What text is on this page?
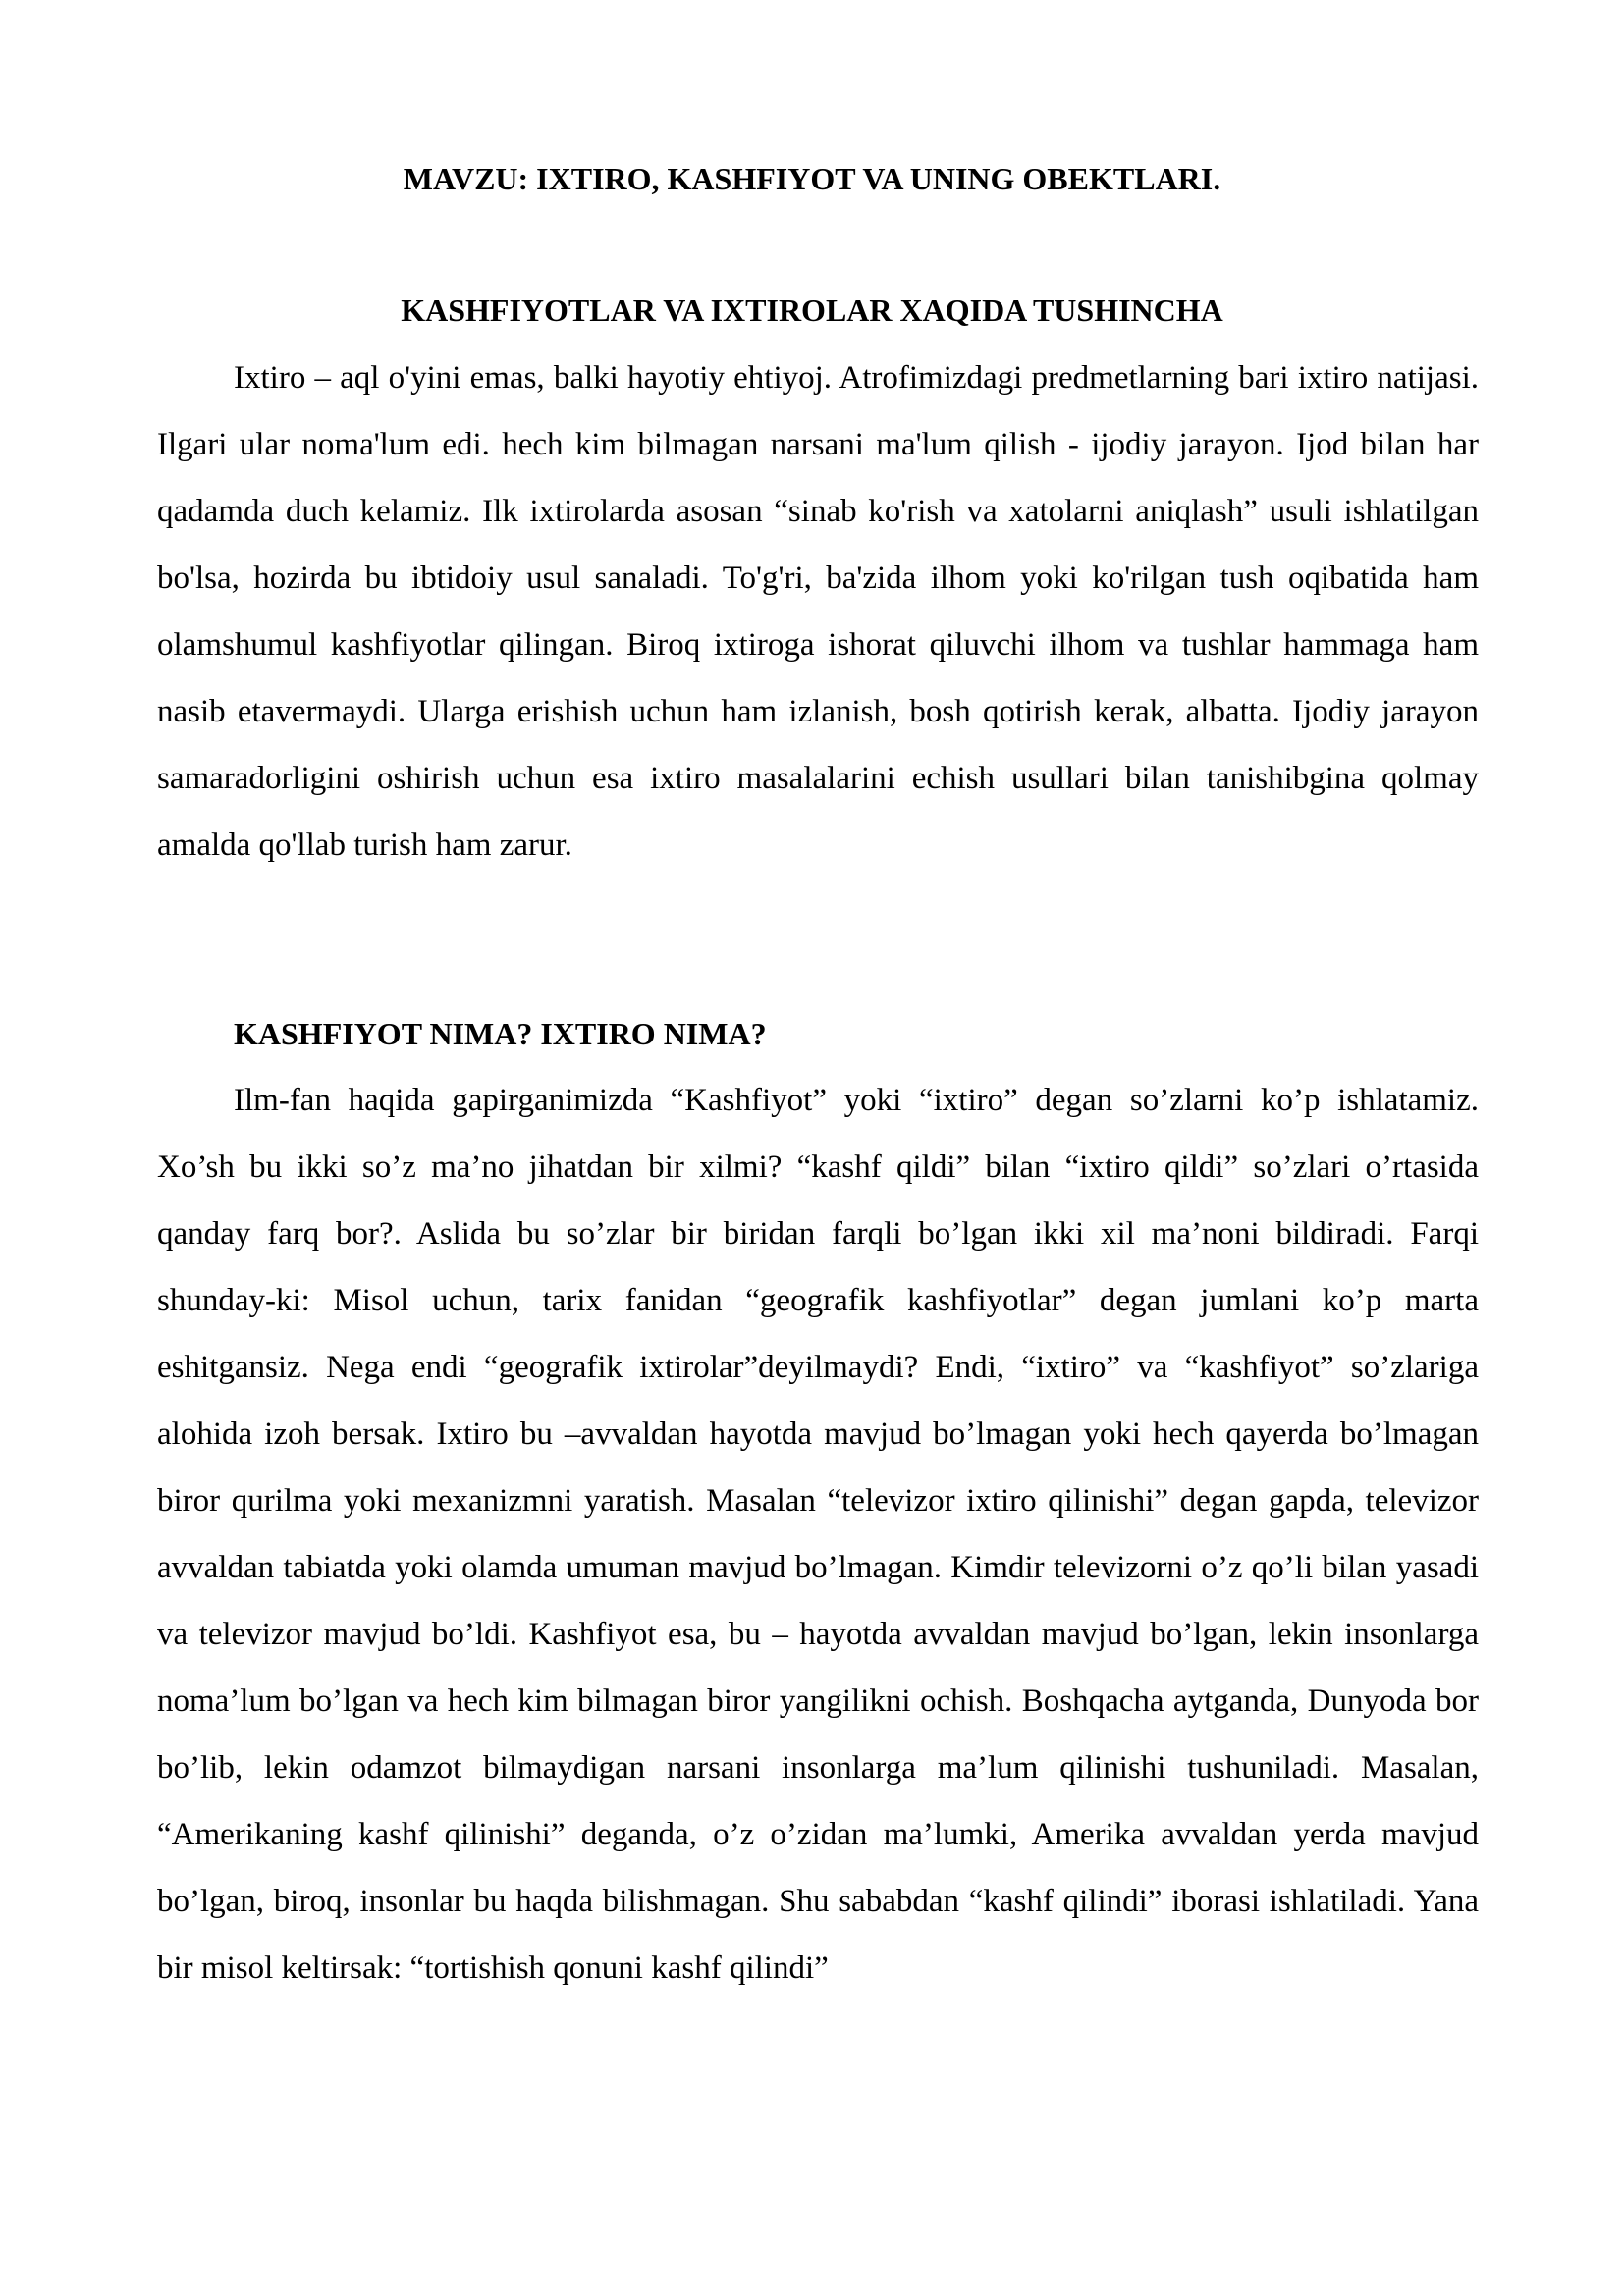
MAVZU: IXTIRO, KASHFIYOT VA UNING OBEKTLARI.
KASHFIYOTLAR VA IXTIROLAR XAQIDA TUSHINCHA

Ixtiro – aql o'yini emas, balki hayotiy ehtiyoj. Atrofimizdagi predmetlarning bari ixtiro natijasi. Ilgari ular noma'lum edi. hech kim bilmagan narsani ma'lum qilish - ijodiy jarayon. Ijod bilan har qadamda duch kelamiz. Ilk ixtirolarda asosan “sinab ko'rish va xatolarni aniqlash” usuli ishlatilgan bo'lsa, hozirda bu ibtidoiy usul sanaladi. To'g'ri, ba'zida ilhom yoki ko'rilgan tush oqibatida ham olamshumul kashfiyotlar qilingan. Biroq ixtiroga ishorat qiluvchi ilhom va tushlar hammaga ham nasib etavermaydi. Ularga erishish uchun ham izlanish, bosh qotirish kerak, albatta. Ijodiy jarayon samaradorligini oshirish uchun esa ixtiro masalalarini echish usullari bilan tanishibgina qolmay amalda qo'llab turish ham zarur.

KASHFIYOT NIMA? IXTIRO NIMA?

Ilm-fan haqida gapirganimizda “Kashfiyot” yoki “ixtiro” degan so’zlarni ko’p ishlatamiz. Xo’sh bu ikki so’z ma’no jihatdan bir xilmi? “kashf qildi” bilan “ixtiro qildi” so’zlari o’rtasida qanday farq bor?. Aslida bu so’zlar bir biridan farqli bo’lgan ikki xil ma’noni bildiradi. Farqi shunday-ki: Misol uchun, tarix fanidan “geografik kashfiyotlar” degan jumlani ko’p marta eshitgansiz. Nega endi “geografik ixtirolar”deyilmaydi? Endi, “ixtiro” va “kashfiyot” so’zlariga alohida izoh bersak. Ixtiro bu –avvaldan hayotda mavjud bo’lmagan yoki hech qayerda bo’lmagan biror qurilma yoki mexanizmni yaratish. Masalan “televizor ixtiro qilinishi” degan gapda, televizor avvaldan tabiatda yoki olamda umuman mavjud bo’lmagan. Kimdir televizorni o’z qo’li bilan yasadi va televizor mavjud bo’ldi. Kashfiyot esa, bu – hayotda avvaldan mavjud bo’lgan, lekin insonlarga noma’lum bo’lgan va hech kim bilmagan biror yangilikni ochish. Boshqacha aytganda, Dunyoda bor bo’lib, lekin odamzot bilmaydigan narsani insonlarga ma’lum qilinishi tushuniladi. Masalan, “Amerikaning kashf qilinishi” deganda, o’z o’zidan ma’lumki, Amerika avvaldan yerda mavjud bo’lgan, biroq, insonlar bu haqda bilishmagan. Shu sababdan “kashf qilindi” iborasi ishlatiladi. Yana bir misol keltirsak: “tortishish qonuni kashf qilindi”
